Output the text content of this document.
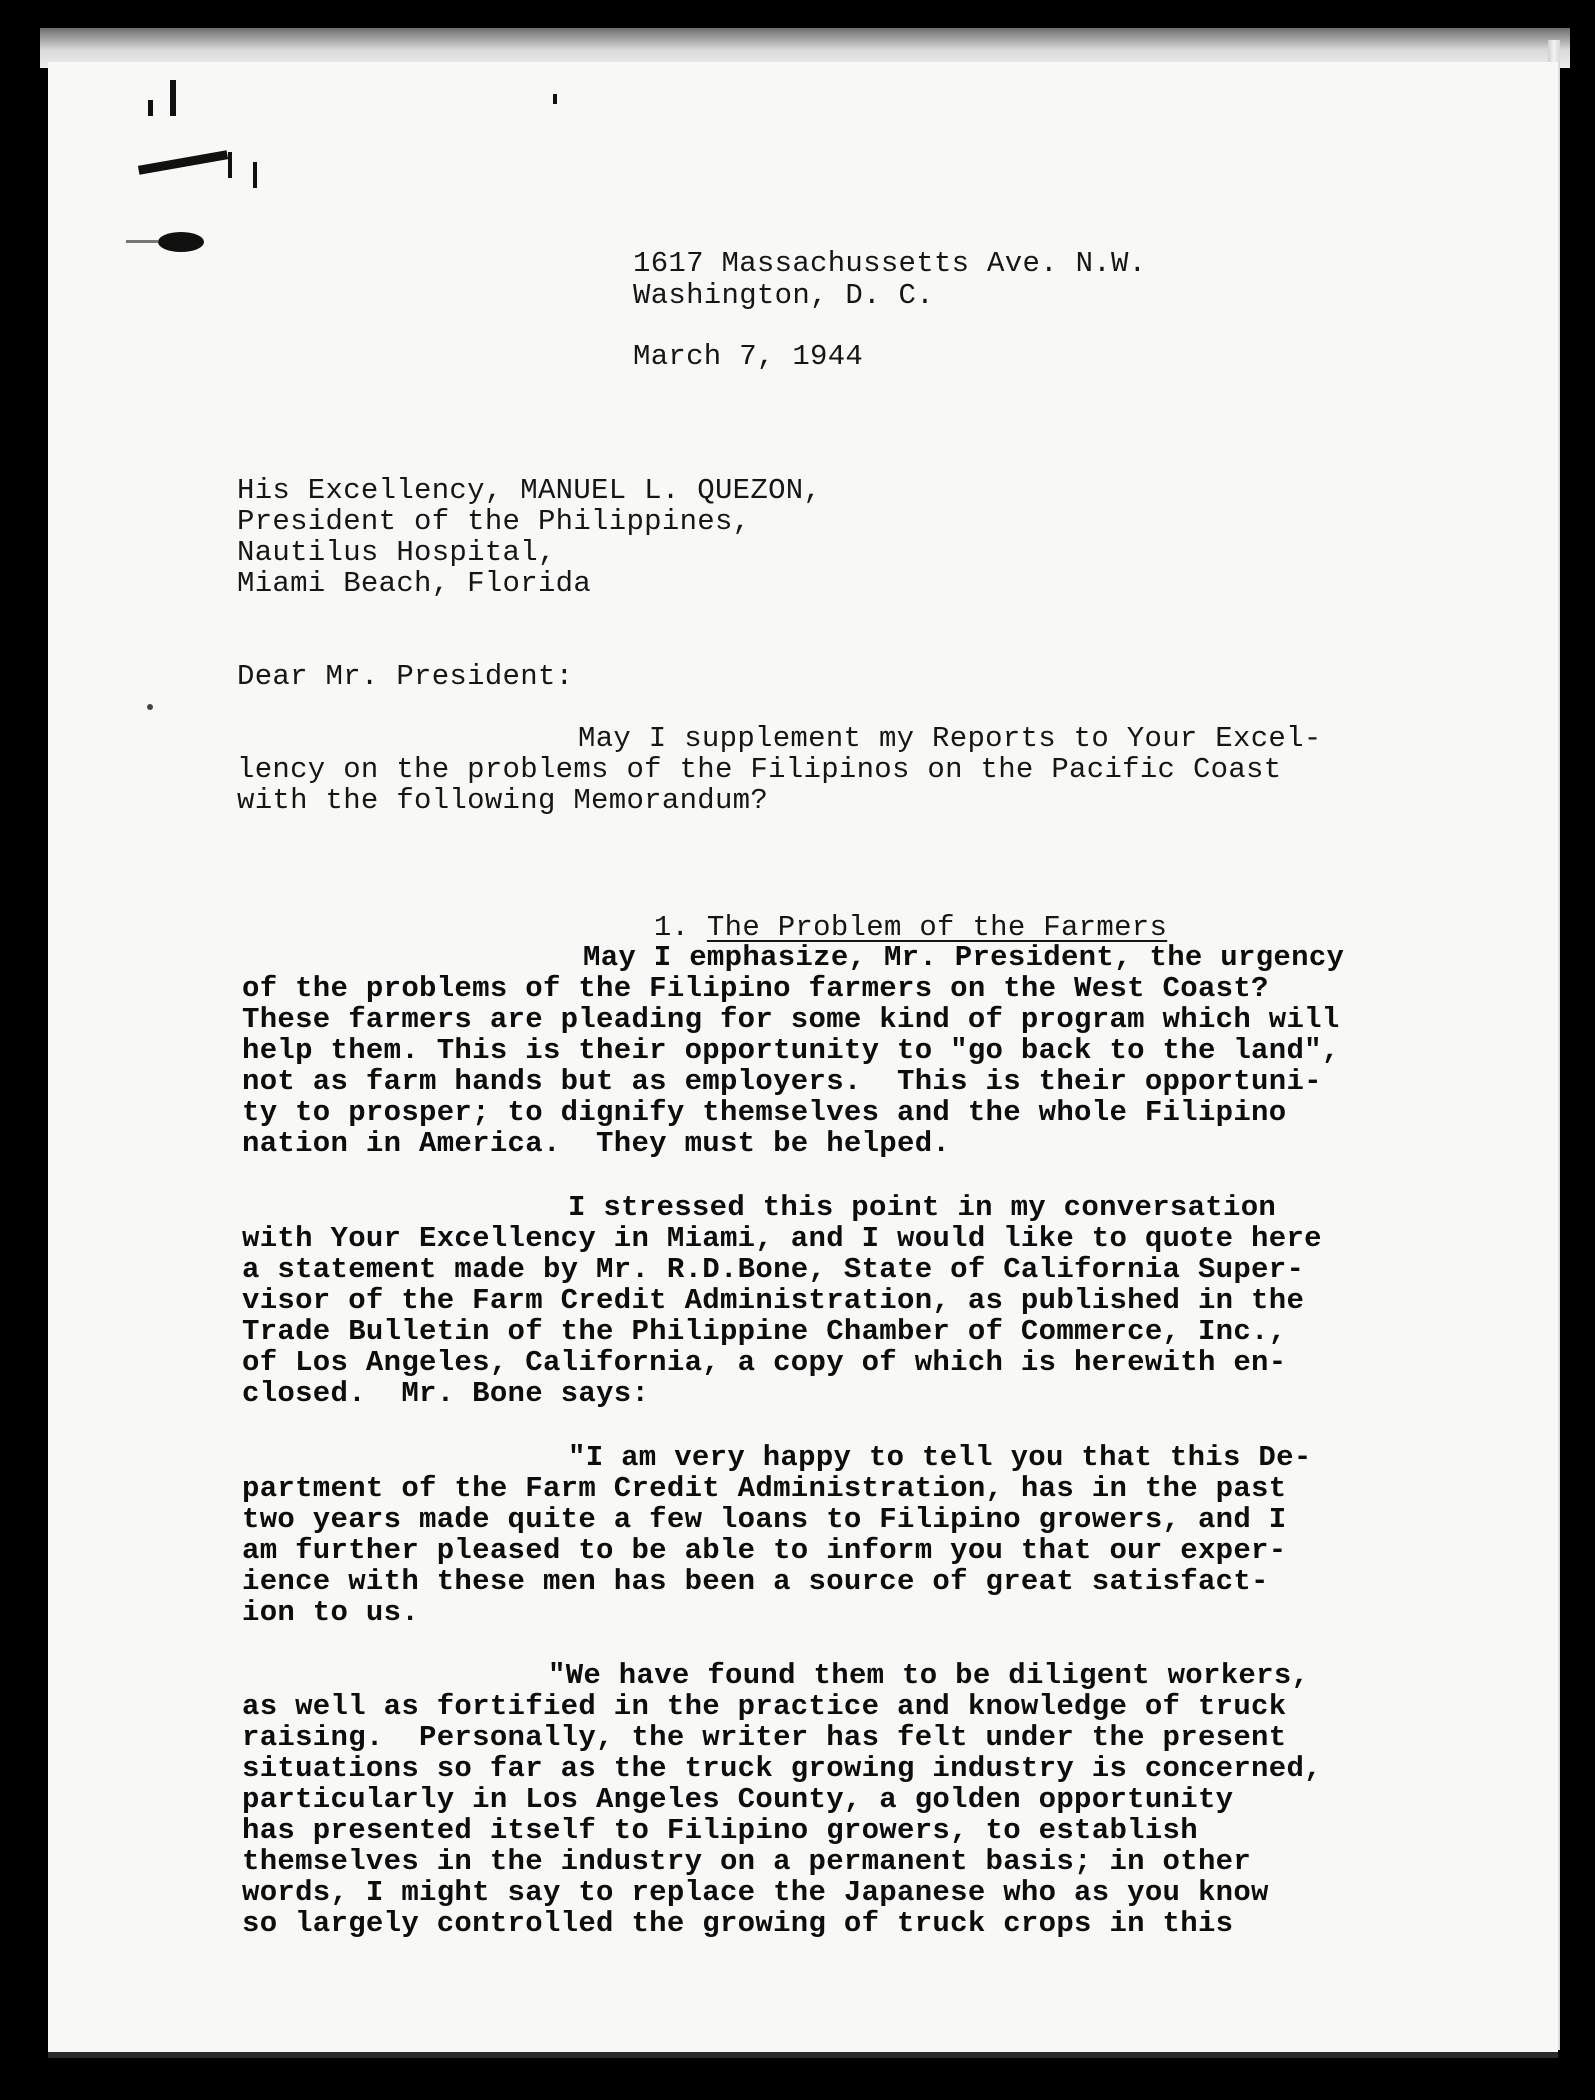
1617 Massachussetts Ave. N.W.
Washington, D. C.
March 7, 1944
His Excellency, MANUEL L. QUEZON,
President of the Philippines,
Nautilus Hospital,
Miami Beach, Florida
Dear Mr. President:
May I supplement my Reports to Your Excel-
lency on the problems of the Filipinos on the Pacific Coast
with the following Memorandum?

1. The Problem of the Farmers

May I emphasize, Mr. President, the urgency
of the problems of the Filipino farmers on the West Coast?
These farmers are pleading for some kind of program which will
help them. This is their opportunity to "go back to the land",
not as farm hands but as employers.  This is their opportuni-
ty to prosper; to dignify themselves and the whole Filipino
nation in America.  They must be helped.
I stressed this point in my conversation
with Your Excellency in Miami, and I would like to quote here
a statement made by Mr. R.D.Bone, State of California Super-
visor of the Farm Credit Administration, as published in the
Trade Bulletin of the Philippine Chamber of Commerce, Inc.,
of Los Angeles, California, a copy of which is herewith en-
closed.  Mr. Bone says:
"I am very happy to tell you that this De-
partment of the Farm Credit Administration, has in the past
two years made quite a few loans to Filipino growers, and I
am further pleased to be able to inform you that our exper-
ience with these men has been a source of great satisfact-
ion to us.
"We have found them to be diligent workers,
as well as fortified in the practice and knowledge of truck
raising.  Personally, the writer has felt under the present
situations so far as the truck growing industry is concerned,
particularly in Los Angeles County, a golden opportunity
has presented itself to Filipino growers, to establish
themselves in the industry on a permanent basis; in other
words, I might say to replace the Japanese who as you know
so largely controlled the growing of truck crops in this
